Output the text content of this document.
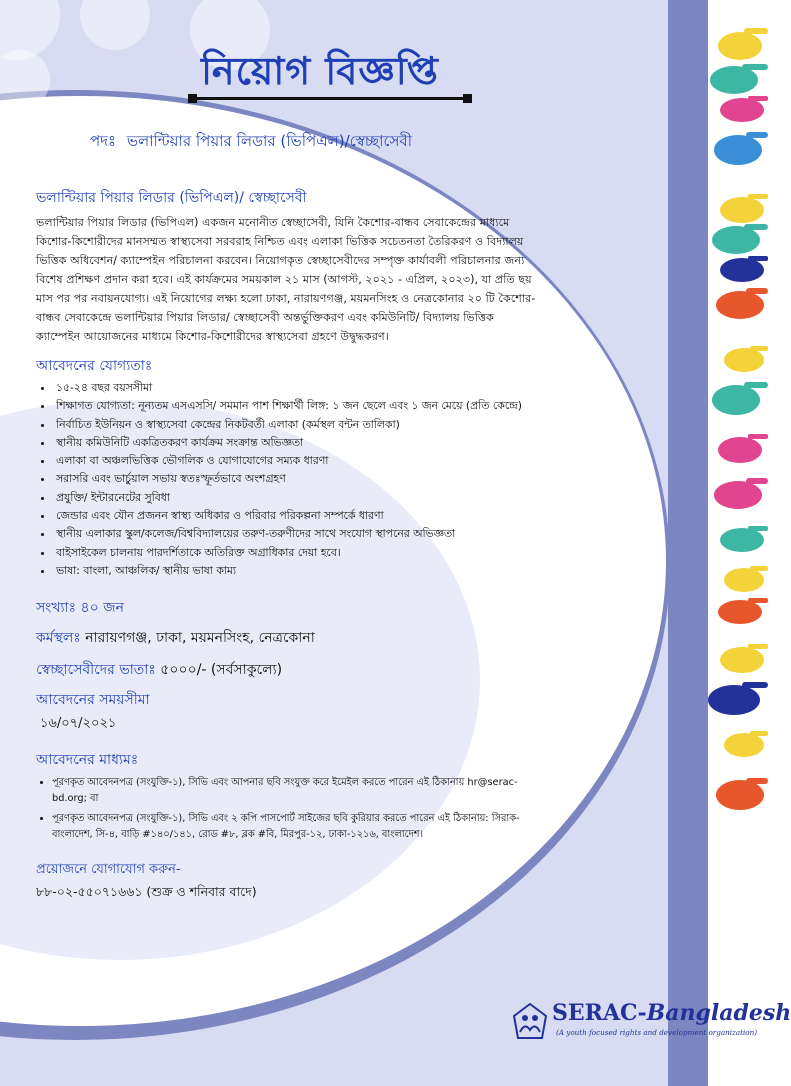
নিয়োগ বিজ্ঞপ্তি
পদঃ ভলান্টিয়ার পিয়ার লিডার (ভিপিএল)/স্বেচ্ছাসেবী
ভলান্টিয়ার পিয়ার লিডার (ভিপিএল)/ স্বেচ্ছাসেবী
ভলান্টিয়ার পিয়ার লিডার (ভিপিএল) একজন মনোনীত স্বেচ্ছাসেবী, যিনি কৈশোর-বান্ধব সেবাকেন্দ্রের মাধ্যমে
কিশোর-কিশোরীদের মানসম্মত স্বাস্থ্যসেবা সরবরাহ নিশ্চিত এবং এলাকা ভিত্তিক সচেতনতা তৈরিকরণ ও বিদ্যালয়
ভিত্তিক অধিবেশন/ ক্যাম্পেইন পরিচালনা করবেন। নিয়োগকৃত স্বেচ্ছাসেবীদের সম্পৃক্ত কার্যাবলী পরিচালনার জন্য
বিশেষ প্রশিক্ষণ প্রদান করা হবে। এই কার্যক্রমের সময়কাল ২১ মাস (আগস্ট, ২০২১ - এপ্রিল, ২০২৩), যা প্রতি ছয়
মাস পর পর নবায়নযোগ্য। এই নিয়োগের লক্ষ্য হলো ঢাকা, নারায়ণগঞ্জ, ময়মনসিংহ ও নেত্রকোনার ২০ টি কৈশোর-
বান্ধব সেবাকেন্দ্রে ভলান্টিয়ার পিয়ার লিডার/ স্বেচ্ছাসেবী অন্তর্ভুক্তিকরণ এবং কমিউনিটি/ বিদ্যালয় ভিত্তিক
ক্যাম্পেইন আয়োজনের মাধ্যমে কিশোর-কিশোরীদের স্বাস্থ্যসেবা গ্রহণে উদ্বুদ্ধকরণ।
আবেদনের যোগ্যতাঃ
• ১৫-২৪ বছর বয়সসীমা
• শিক্ষাগত যোগ্যতা: নূন্যতম এসএসসি/ সমমান পাশ শিক্ষার্থী লিঙ্গ: ১ জন ছেলে এবং ১ জন মেয়ে (প্রতি কেন্দ্রে)
• নির্বাচিত ইউনিয়ন ও স্বাস্থ্যসেবা কেন্দ্রের নিকটবর্তী এলাকা (কর্মস্থল বন্টন তালিকা)
• স্থানীয় কমিউনিটি একত্রিতকরণ কার্যক্রম সংক্রান্ত অভিজ্ঞতা
• এলাকা বা অঞ্চলভিত্তিক ভৌগলিক ও যোগাযোগের সম্যক ধারণা
• সরাসরি এবং ভার্চুয়াল সভায় স্বতঃস্ফূর্তভাবে অংশগ্রহণ
• প্রযুক্তি/ ইন্টারনেটের সুবিধা
• জেন্ডার এবং যৌন প্রজনন স্বাস্থ্য অধিকার ও পরিবার পরিকল্পনা সম্পর্কে ধারণা
• স্থানীয় এলাকার স্কুল/কলেজ/বিশ্ববিদ্যালয়ের তরুণ-তরুণীদের সাথে সংযোগ স্থাপনের অভিজ্ঞতা
• বাইসাইকেল চালনায় পারদর্শিতাকে অতিরিক্ত অগ্রাধিকার দেয়া হবে।
• ভাষা: বাংলা, আঞ্চলিক/ স্থানীয় ভাষা কাম্য
সংখ্যাঃ ৪০ জন
কর্মস্থলঃ নারায়ণগঞ্জ, ঢাকা, ময়মনসিংহ, নেত্রকোনা
স্বেচ্ছাসেবীদের ভাতাঃ ৫০০০/- (সর্বসাকুল্যে)
আবেদনের সময়সীমা
১৬/০৭/২০২১
আবেদনের মাধ্যমঃ
• পূরণকৃত আবেদনপত্র (সংযুক্তি-১), সিভি এবং আপনার ছবি সংযুক্ত করে ইমেইল করতে পারেন এই ঠিকানায় hr@serac-bd.org; বা
• পূরণকৃত আবেদনপত্র (সংযুক্তি-১), সিভি এবং ২ কপি পাসপোর্ট সাইজের ছবি কুরিয়ার করতে পারেন এই ঠিকানায়: সিরাক-বাংলাদেশ, সি-৪, বাড়ি #১৪০/১৪১, রোড #৮, ব্লক #বি, মিরপুর-১২, ঢাকা-১২১৬, বাংলাদেশ।
প্রয়োজনে যোগাযোগ করুন-
৮৮-০২-৫৫০৭১৬৬১ (শুক্র ও শনিবার বাদে)
SERAC-Bangladesh
(A youth focused rights and development organization)
